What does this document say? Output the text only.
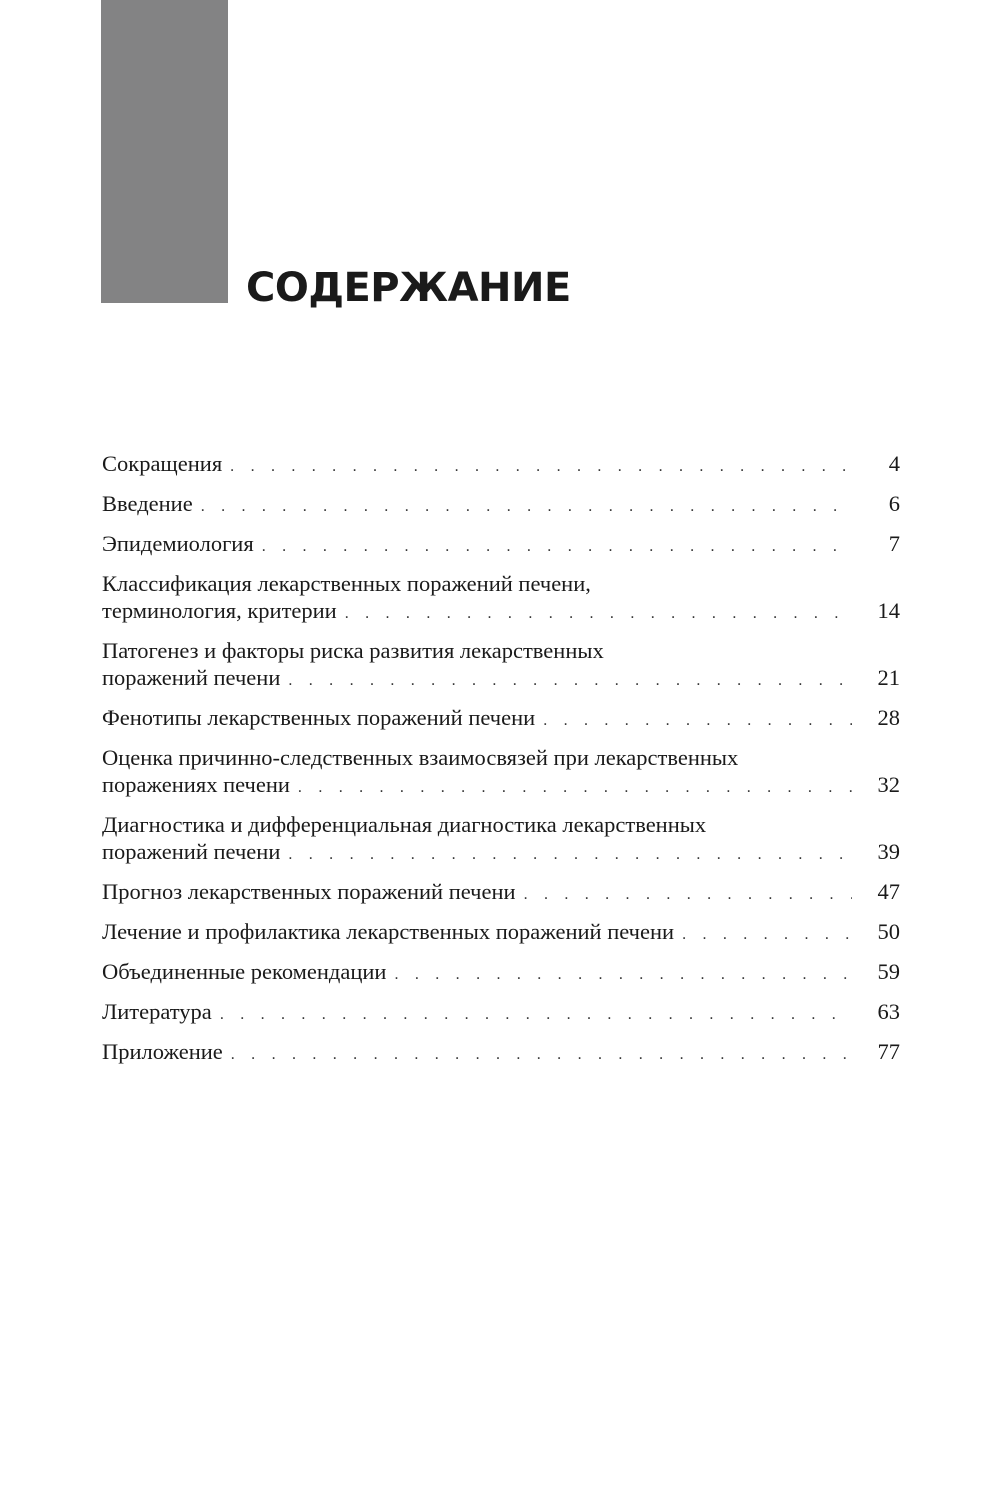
СОДЕРЖАНИЕ
Сокращения . . .	4
Введение . . .	6
Эпидемиология . . .	7
Классификация лекарственных поражений печени,
терминология, критерии . . .	14
Патогенез и факторы риска развития лекарственных
поражений печени . . .	21
Фенотипы лекарственных поражений печени . . .	28
Оценка причинно-следственных взаимосвязей при лекарственных
поражениях печени . . .	32
Диагностика и дифференциальная диагностика лекарственных
поражений печени . . .	39
Прогноз лекарственных поражений печени . . .	47
Лечение и профилактика лекарственных поражений печени . . .	50
Объединенные рекомендации . . .	59
Литература . . .	63
Приложение . . .	77
